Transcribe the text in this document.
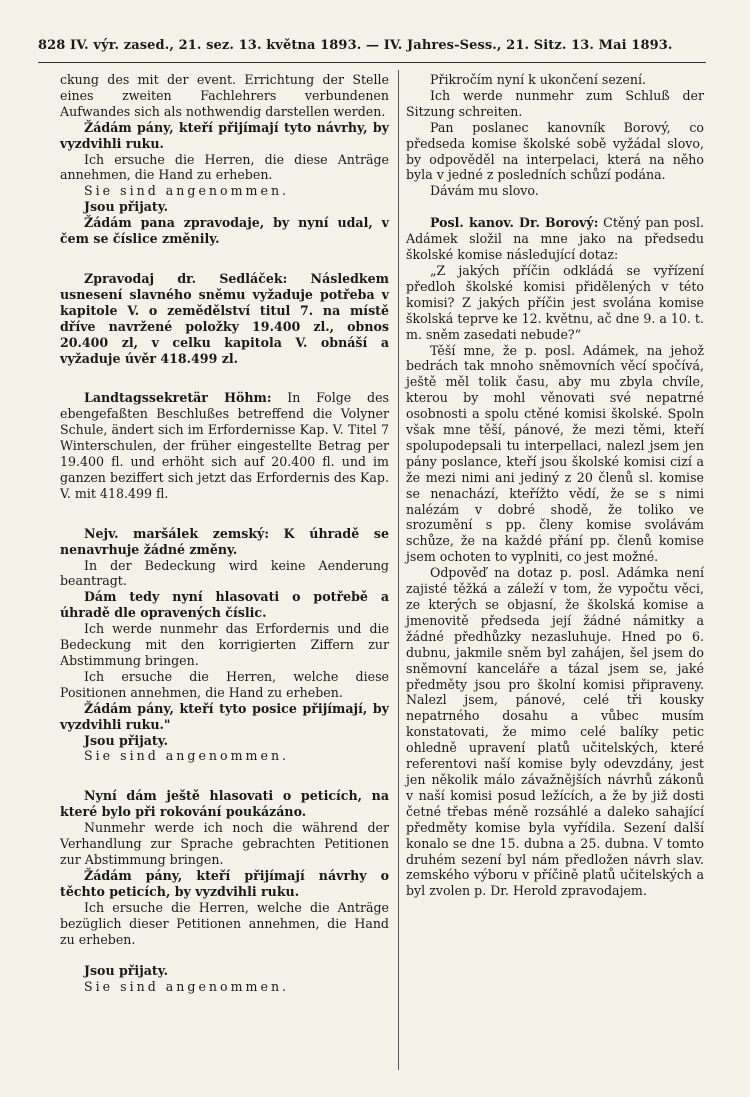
828 IV. výr. zased., 21. sez. 13. května 1893. — IV. Jahres-Sess., 21. Sitz. 13. Mai 1893.

ckung des mit der event. Errichtung der Stelle eines zweiten Fachlehrers verbundenen Aufwandes sich als nothwendig darstellen werden.

Žádám pány, kteří přijímají tyto návrhy, by vyzdvihli ruku.

Ich ersuche die Herren, die diese Anträge annehmen, die Hand zu erheben.

Sie sind angenommen.

Jsou přijaty.

Žádám pana zpravodaje, by nyní udal, v čem se číslice změnily.

Zpravodaj dr. Sedláček: Následkem usnesení slavného sněmu vyžaduje potřeba v kapitole V. o zemědělství titul 7. na místě dříve navržené položky 19.400 zl., obnos 20.400 zl, v celku kapitola V. obnáší a vyžaduje úvěr 418.499 zl.

Landtagssekretär Höhm: In Folge des ebengefaßten Beschlußes betreffend die Volyner Schule, ändert sich im Erfordernisse Kap. V. Titel 7 Winterschulen, der früher eingestellte Betrag per 19.400 fl. und erhöht sich auf 20.400 fl. und im ganzen beziffert sich jetzt das Erfordernis des Kap. V. mit 418.499 fl.

Nejv. maršálek zemský: K úhradě se nenavrhuje žádné změny.

In der Bedeckung wird keine Aenderung beantragt.

Dám tedy nyní hlasovati o potřebě a úhradě dle opravených číslic.

Ich werde nunmehr das Erfordernis und die Bedeckung mit den korrigierten Ziffern zur Abstimmung bringen.

Ich ersuche die Herren, welche diese Positionen annehmen, die Hand zu erheben.

Žádám pány, kteří tyto posice přijímají, by vyzdvihli ruku."

Jsou přijaty.

Sie sind angenommen.

Nyní dám ještě hlasovati o peticích, na které bylo při rokování poukázáno.

Nunmehr werde ich noch die während der Verhandlung zur Sprache gebrachten Petitionen zur Abstimmung bringen.

Žádám pány, kteří přijímají návrhy o těchto peticích, by vyzdvihli ruku.

Ich ersuche die Herren, welche die Anträge bezüglich dieser Petitionen annehmen, die Hand zu erheben.

Jsou přijaty.

Sie sind angenommen.

Přikročím nyní k ukončení sezení.

Ich werde nunmehr zum Schluß der Sitzung schreiten.

Pan poslanec kanovník Borový, co předseda komise školské sobě vyžádal slovo, by odpověděl na interpelaci, která na něho byla v jedné z posledních schůzí podána.

Dávám mu slovo.

Posl. kanov. Dr. Borový: Ctěný pan posl. Adámek složil na mne jako na předsedu školské komise následující dotaz:

„Z jakých příčin odkládá se vyřízení předloh školské komisi přidělených v této komisi? Z jakých příčin jest svolána komise školská teprve ke 12. květnu, ač dne 9. a 10. t. m. sněm zasedati nebude?“

Těší mne, že p. posl. Adámek, na jehož bedrách tak mnoho sněmovních věcí spočívá, ještě měl tolik času, aby mu zbyla chvíle, kterou by mohl věnovati své nepatrné osobnosti a spolu ctěné komisi školské. Spoln však mne těší, pánové, že mezi těmi, kteří spolupodepsali tu interpellaci, nalezl jsem jen pány poslance, kteří jsou školské komisi cizí a že mezi nimi ani jediný z 20 členů sl. komise se nenachází, kteřížto vědí, že se s nimi nalézám v dobré shodě, že toliko ve srozumění s pp. členy komise svolávám schůze, že na každé přání pp. členů komise jsem ochoten to vyplniti, co jest možné.

Odpověď na dotaz p. posl. Adámka není zajisté těžká a záleží v tom, že vypočtu věci, ze kterých se objasní, že školská komise a jmenovitě předseda její žádné námitky a žádné předhůzky nezasluhuje. Hned po 6. dubnu, jakmile sněm byl zahájen, šel jsem do sněmovní kanceláře a tázal jsem se, jaké předměty jsou pro školní komisi připraveny. Nalezl jsem, pánové, celé tři kousky nepatrného dosahu a vůbec musím konstatovati, že mimo celé balíky petic ohledně upravení platů učitelských, které referentovi naší komise byly odevzdány, jest jen několik málo závažnějších návrhů zákonů v naší komisi posud ležících, a že by již dosti četné třebas méně rozsáhlé a daleko sahající předměty komise byla vyřídila. Sezení další konalo se dne 15. dubna a 25. dubna. V tomto druhém sezení byl nám předložen návrh slav. zemského výboru v příčině platů učitelských a byl zvolen p. Dr. Herold zpravodajem.
